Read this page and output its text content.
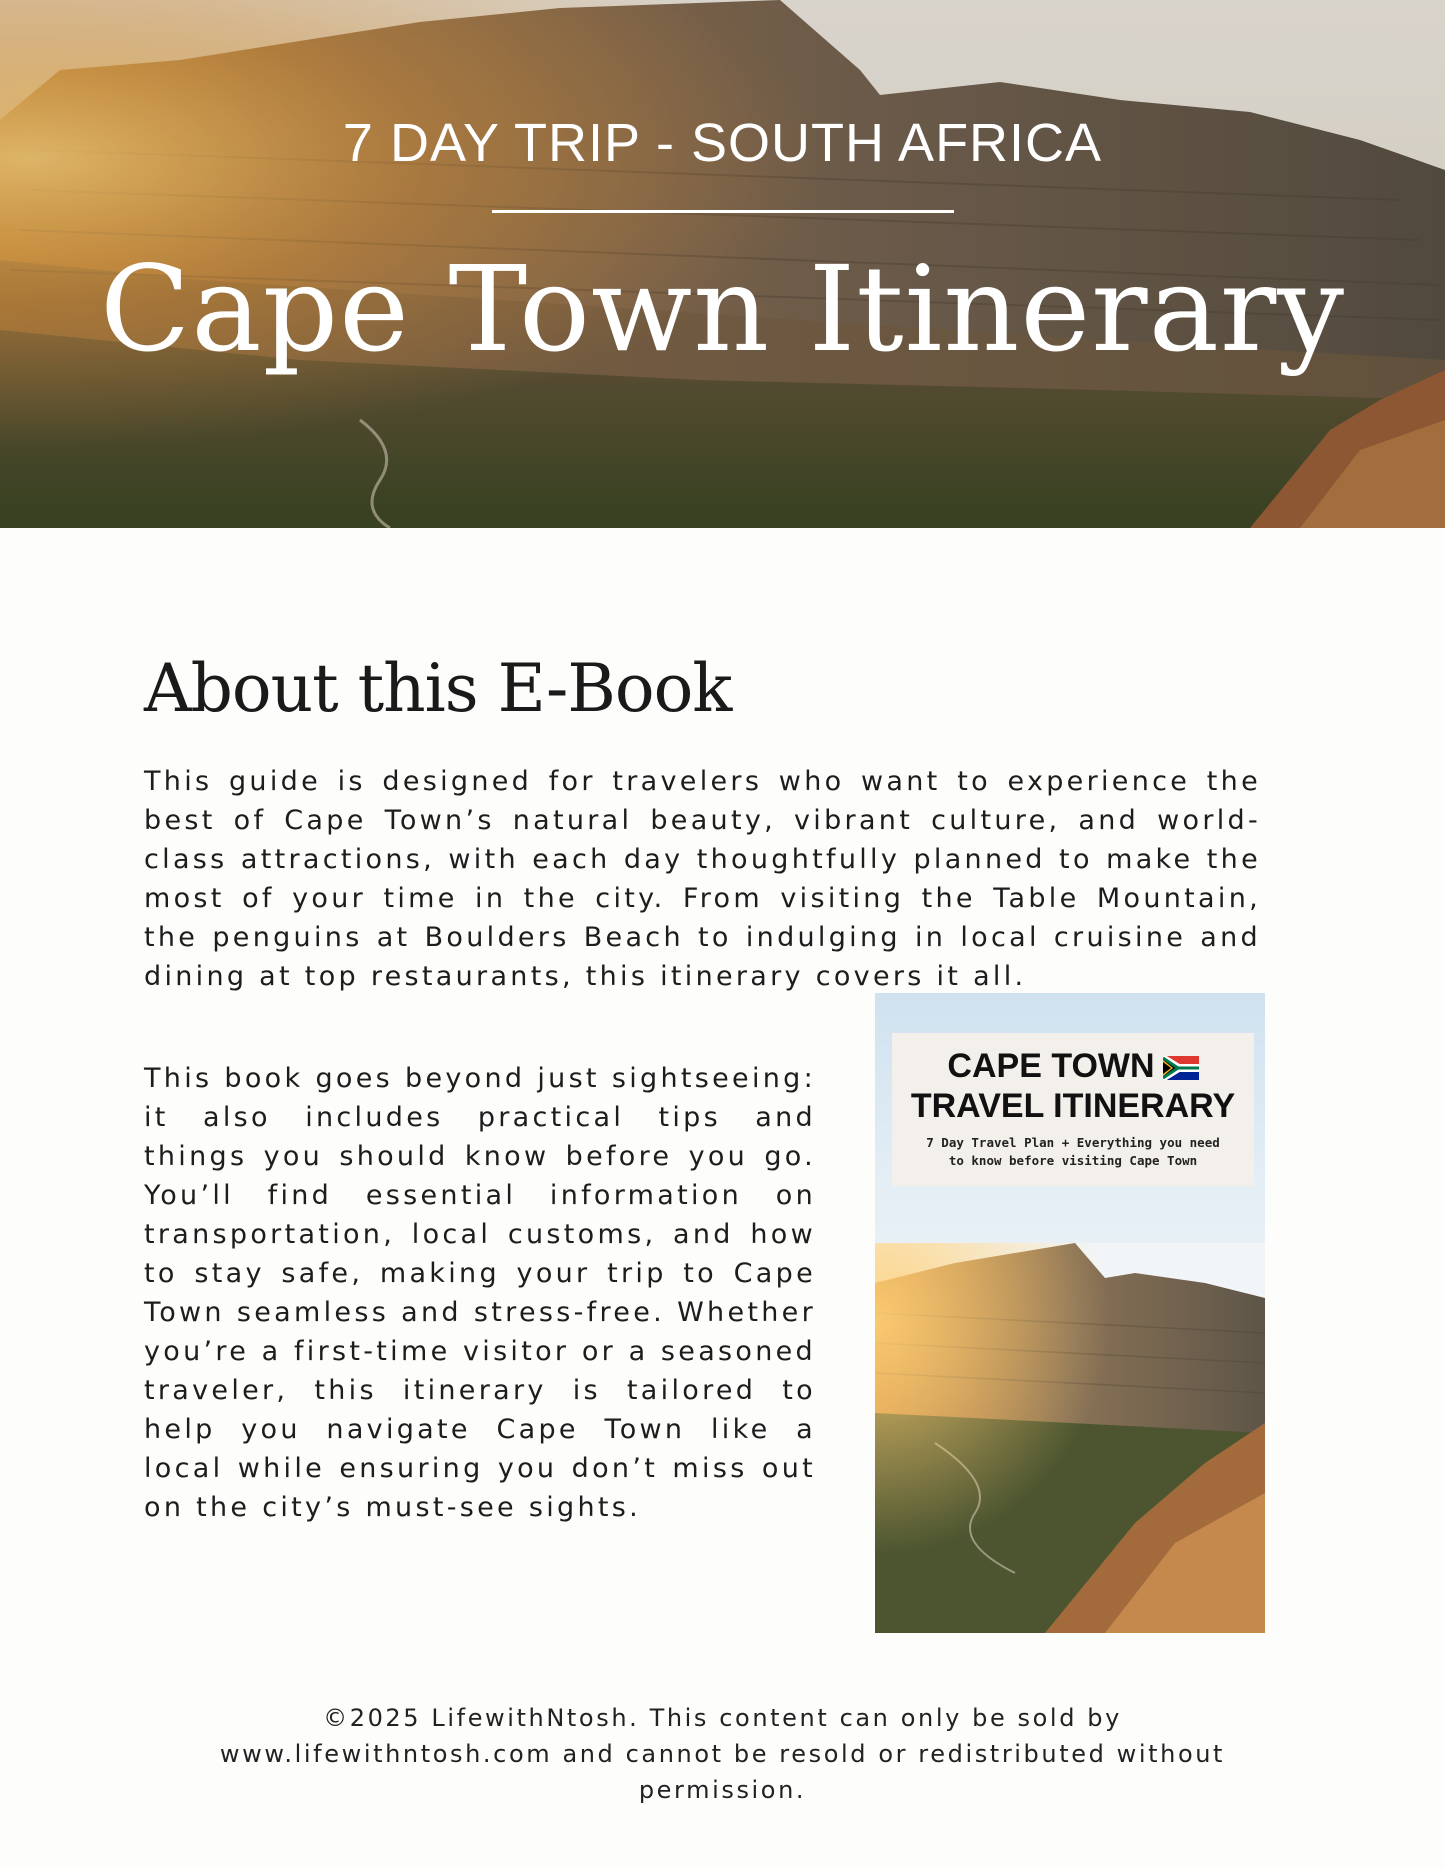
7 DAY TRIP - SOUTH AFRICA
Cape Town Itinerary
About this E-Book
This guide is designed for travelers who want to experience the best of Cape Town’s natural beauty, vibrant culture, and world-class attractions, with each day thoughtfully planned to make the most of your time in the city. From visiting the Table Mountain, the penguins at Boulders Beach to indulging in local cruisine and dining at top restaurants, this itinerary covers it all.
This book goes beyond just sightseeing: it also includes practical tips and things you should know before you go. You’ll find essential information on transportation, local customs, and how to stay safe, making your trip to Cape Town seamless and stress-free. Whether you’re a first-time visitor or a seasoned traveler, this itinerary is tailored to help you navigate Cape Town like a local while ensuring you don’t miss out on the city’s must-see sights.
CAPE TOWN
TRAVEL ITINERARY
7 Day Travel Plan + Everything you need
to know before visiting Cape Town
©2025 LifewithNtosh. This content can only be sold by www.lifewithntosh.com and cannot be resold or redistributed without permission.
